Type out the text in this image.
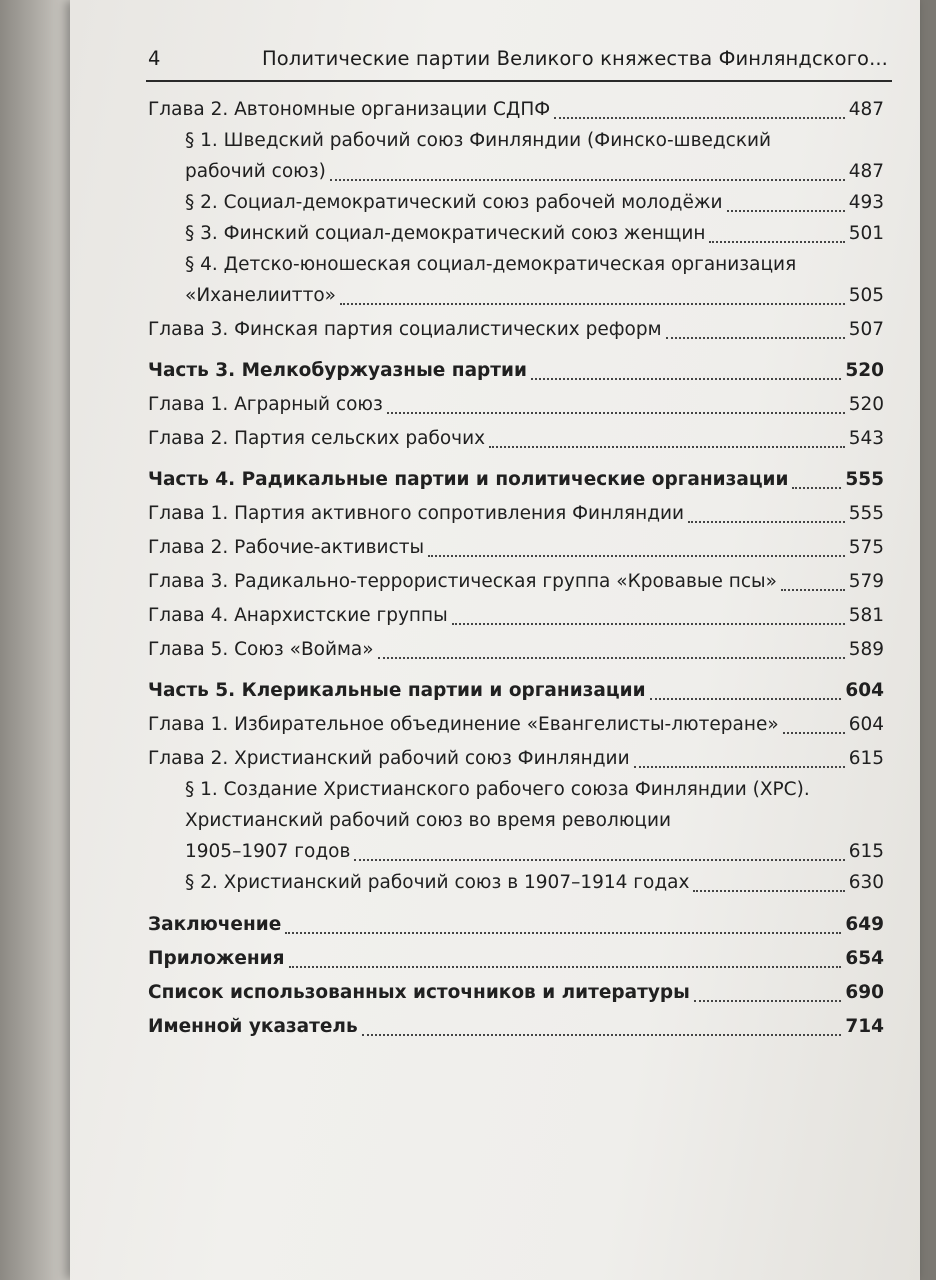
4	Политические партии Великого княжества Финляндского...
Глава 2. Автономные организации СДПФ	487
§ 1. Шведский рабочий союз Финляндии (Финско-шведский
рабочий союз)	487
§ 2. Социал-демократический союз рабочей молодёжи	493
§ 3. Финский социал-демократический союз женщин	501
§ 4. Детско-юношеская социал-демократическая организация
«Иханелиитто»	505
Глава 3. Финская партия социалистических реформ	507
Часть 3. Мелкобуржуазные партии	520
Глава 1. Аграрный союз	520
Глава 2. Партия сельских рабочих	543
Часть 4. Радикальные партии и политические организации	555
Глава 1. Партия активного сопротивления Финляндии	555
Глава 2. Рабочие-активисты	575
Глава 3. Радикально-террористическая группа «Кровавые псы»	579
Глава 4. Анархистские группы	581
Глава 5. Союз «Войма»	589
Часть 5. Клерикальные партии и организации	604
Глава 1. Избирательное объединение «Евангелисты-лютеране»	604
Глава 2. Христианский рабочий союз Финляндии	615
§ 1. Создание Христианского рабочего союза Финляндии (ХРС).
Христианский рабочий союз во время революции
1905–1907 годов	615
§ 2. Христианский рабочий союз в 1907–1914 годах	630
Заключение	649
Приложения	654
Список использованных источников и литературы	690
Именной указатель	714
